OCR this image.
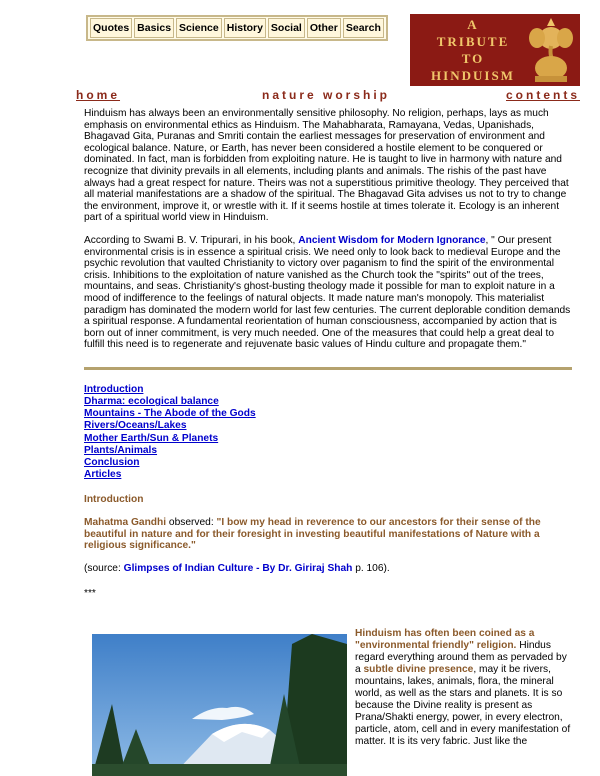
Quotes Basics Science History Social Other Search	A
TRIBUTE
TO
HINDUISM
home	nature worship	contents

Hinduism has always been an environmentally sensitive philosophy. No religion, perhaps, lays as much emphasis on environmental ethics as Hinduism. The Mahabharata, Ramayana, Vedas, Upanishads, Bhagavad Gita, Puranas and Smriti contain the earliest messages for preservation of environment and ecological balance. Nature, or Earth, has never been considered a hostile element to be conquered or dominated. In fact, man is forbidden from exploiting nature. He is taught to live in harmony with nature and recognize that divinity prevails in all elements, including plants and animals. The rishis of the past have always had a great respect for nature. Theirs was not a superstitious primitive theology. They perceived that all material manifestations are a shadow of the spiritual. The Bhagavad Gita advises us not to try to change the environment, improve it, or wrestle with it. If it seems hostile at times tolerate it. Ecology is an inherent part of a spiritual world view in Hinduism.

According to Swami B. V. Tripurari, in his book, Ancient Wisdom for Modern Ignorance, " Our present environmental crisis is in essence a spiritual crisis. We need only to look back to medieval Europe and the psychic revolution that vaulted Christianity to victory over paganism to find the spirit of the environmental crisis. Inhibitions to the exploitation of nature vanished as the Church took the "spirits" out of the trees, mountains, and seas. Christianity's ghost-busting theology made it possible for man to exploit nature in a mood of indifference to the feelings of natural objects. It made nature man's monopoly. This materialist paradigm has dominated the modern world for last few centuries. The current deplorable condition demands a spiritual response. A fundamental reorientation of human consciousness, accompanied by action that is born out of inner commitment, is very much needed. One of the measures that could help a great deal to fulfill this need is to regenerate and rejuvenate basic values of Hindu culture and propagate them."

Introduction
Dharma: ecological balance
Mountains - The Abode of the Gods
Rivers/Oceans/Lakes
Mother Earth/Sun & Planets
Plants/Animals
Conclusion
Articles
Introduction

Mahatma Gandhi observed: "I bow my head in reverence to our ancestors for their sense of the beautiful in nature and for their foresight in investing beautiful manifestations of Nature with a religious significance."

(source: Glimpses of Indian Culture - By Dr. Giriraj Shah p. 106).

***
Hinduism has often been coined as a "environmental friendly" religion. Hindus regard everything around them as pervaded by a subtle divine presence, may it be rivers, mountains, lakes, animals, flora, the mineral world, as well as the stars and planets. It is so because the Divine reality is present as Prana/Shakti energy, power, in every electron, particle, atom, cell and in every manifestation of matter. It is its very fabric. Just like the
